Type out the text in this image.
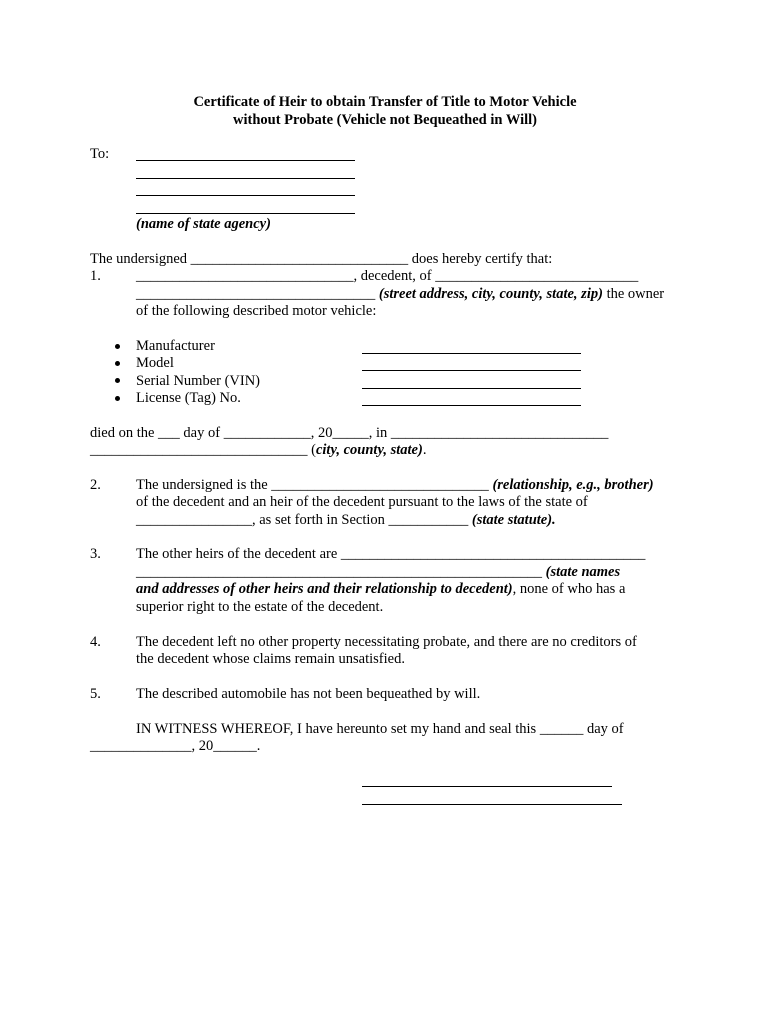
Certificate of Heir to obtain Transfer of Title to Motor Vehicle
without Probate (Vehicle not Bequeathed in Will)
To:
(name of state agency)
The undersigned ______________________________ does hereby certify that:
1. ______________________________, decedent, of ____________________________
_________________________________ (street address, city, county, state, zip) the owner
of the following described motor vehicle:
Manufacturer
Model
Serial Number (VIN)
License (Tag) No.
died on the ___ day of ____________, 20_____, in ______________________________
______________________________ (city, county, state).
2. The undersigned is the ______________________________ (relationship, e.g., brother)
of the decedent and an heir of the decedent pursuant to the laws of the state of
________________, as set forth in Section ___________ (state statute).
3. The other heirs of the decedent are __________________________________________
________________________________________________________ (state names
and addresses of other heirs and their relationship to decedent), none of who has a
superior right to the estate of the decedent.
4. The decedent left no other property necessitating probate, and there are no creditors of
the decedent whose claims remain unsatisfied.
5. The described automobile has not been bequeathed by will.
IN WITNESS WHEREOF, I have hereunto set my hand and seal this ______ day of
______________, 20______.
